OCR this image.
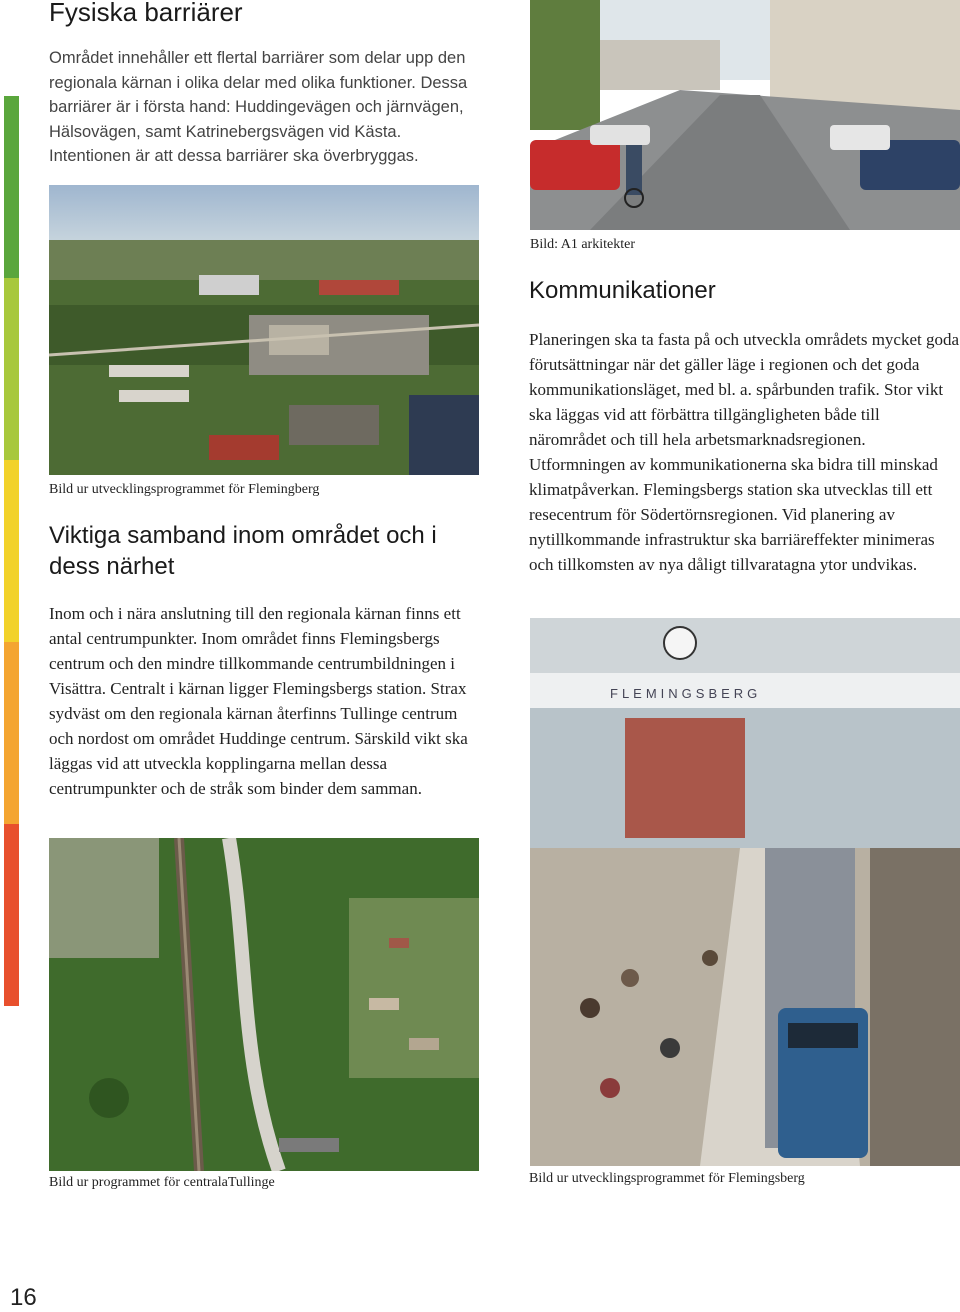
Fysiska barriärer

Området innehåller ett flertal barriärer som delar upp den regionala kärnan i olika delar med olika funktioner. Dessa barriärer är i första hand: Huddingevägen och järnvägen, Hälsovägen, samt Katrinebergsvägen vid Kästa. Intentionen är att dessa barriärer ska överbryggas.

Bild ur utvecklingsprogrammet för Flemingberg
Viktiga samband inom området och i dess närhet

Inom och i nära anslutning till den regionala kärnan finns ett antal centrumpunkter. Inom området finns Flemingsbergs centrum och den mindre tillkommande centrumbildningen i Visättra. Centralt i kärnan ligger Flemingsbergs station. Strax sydväst om den regionala kärnan återfinns Tullinge centrum och nordost om området Huddinge centrum. Särskild vikt ska läggas vid att utveckla kopplingarna mellan dessa centrumpunkter och de stråk som binder dem samman.

Bild ur programmet för centralaTullinge
Bild: A1 arkitekter
Kommunikationer

Planeringen ska ta fasta på och utveckla områdets mycket goda förutsättningar när det gäller läge i regionen och det goda kommunikationsläget, med bl. a. spårbunden trafik. Stor vikt ska läggas vid att förbättra tillgängligheten både till närområdet och till hela arbetsmarknadsregionen. Utformningen av kommunikationerna ska bidra till minskad klimatpåverkan. Flemingsbergs station ska utvecklas till ett resecentrum för Södertörnsregionen. Vid planering av nytillkommande infrastruktur ska barriäreffekter minimeras och tillkomsten av nya dåligt tillvaratagna ytor undvikas.

FLEMINGSBERG
Bild ur utvecklingsprogrammet för Flemingsberg
16
